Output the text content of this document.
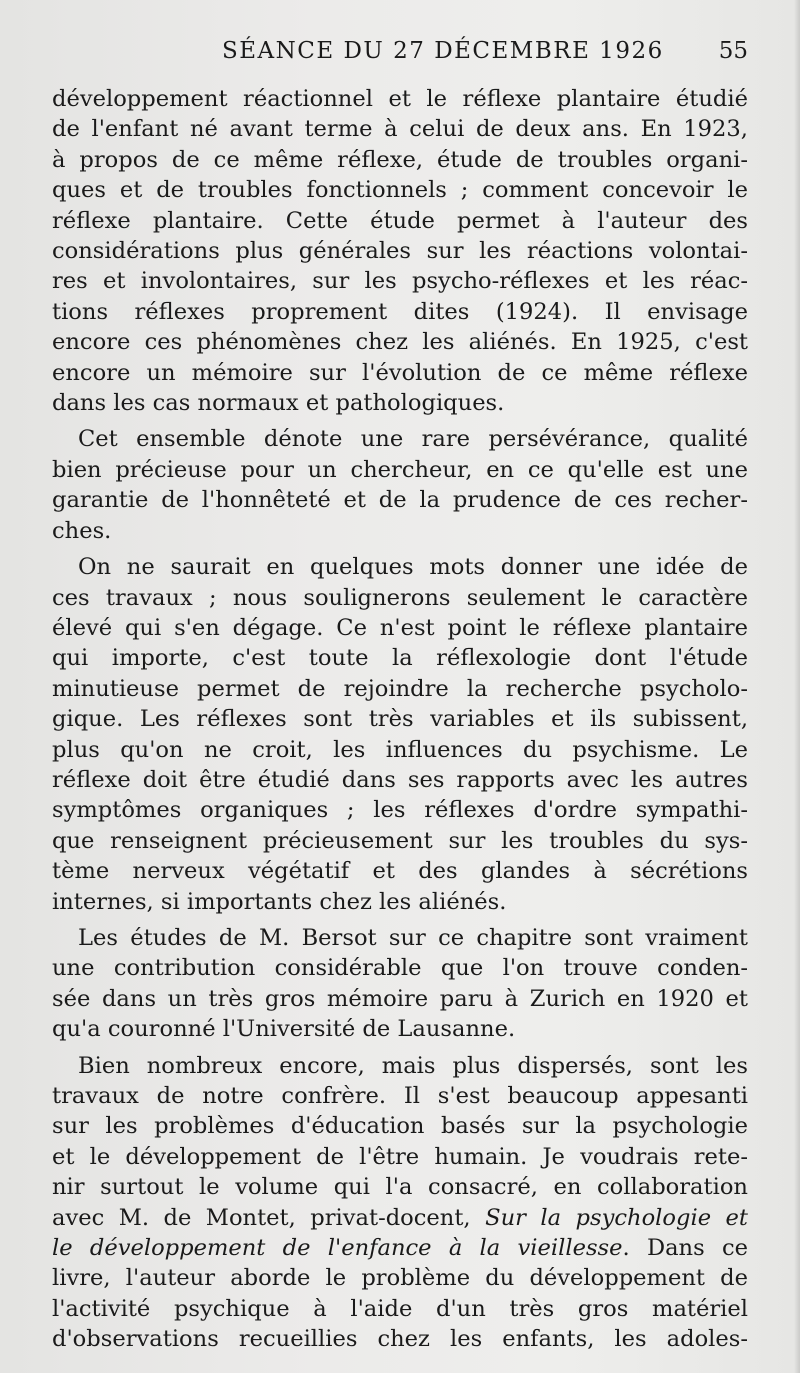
SÉANCE DU 27 DÉCEMBRE 1926 55
développement réactionnel et le réflexe plantaire étudié
de l'enfant né avant terme à celui de deux ans. En 1923,
à propos de ce même réflexe, étude de troubles organi-
ques et de troubles fonctionnels ; comment concevoir le
réflexe plantaire. Cette étude permet à l'auteur des
considérations plus générales sur les réactions volontai-
res et involontaires, sur les psycho-réflexes et les réac-
tions réflexes proprement dites (1924). Il envisage
encore ces phénomènes chez les aliénés. En 1925, c'est
encore un mémoire sur l'évolution de ce même réflexe
dans les cas normaux et pathologiques.
Cet ensemble dénote une rare persévérance, qualité
bien précieuse pour un chercheur, en ce qu'elle est une
garantie de l'honnêteté et de la prudence de ces recher-
ches.
On ne saurait en quelques mots donner une idée de
ces travaux ; nous soulignerons seulement le caractère
élevé qui s'en dégage. Ce n'est point le réflexe plantaire
qui importe, c'est toute la réflexologie dont l'étude
minutieuse permet de rejoindre la recherche psycholo-
gique. Les réflexes sont très variables et ils subissent,
plus qu'on ne croit, les influences du psychisme. Le
réflexe doit être étudié dans ses rapports avec les autres
symptômes organiques ; les réflexes d'ordre sympathi-
que renseignent précieusement sur les troubles du sys-
tème nerveux végétatif et des glandes à sécrétions
internes, si importants chez les aliénés.
Les études de M. Bersot sur ce chapitre sont vraiment
une contribution considérable que l'on trouve conden-
sée dans un très gros mémoire paru à Zurich en 1920 et
qu'a couronné l'Université de Lausanne.
Bien nombreux encore, mais plus dispersés, sont les
travaux de notre confrère. Il s'est beaucoup appesanti
sur les problèmes d'éducation basés sur la psychologie
et le développement de l'être humain. Je voudrais rete-
nir surtout le volume qui l'a consacré, en collaboration
avec M. de Montet, privat-docent, Sur la psychologie et
le développement de l'enfance à la vieillesse. Dans ce
livre, l'auteur aborde le problème du développement de
l'activité psychique à l'aide d'un très gros matériel
d'observations recueillies chez les enfants, les adoles-
